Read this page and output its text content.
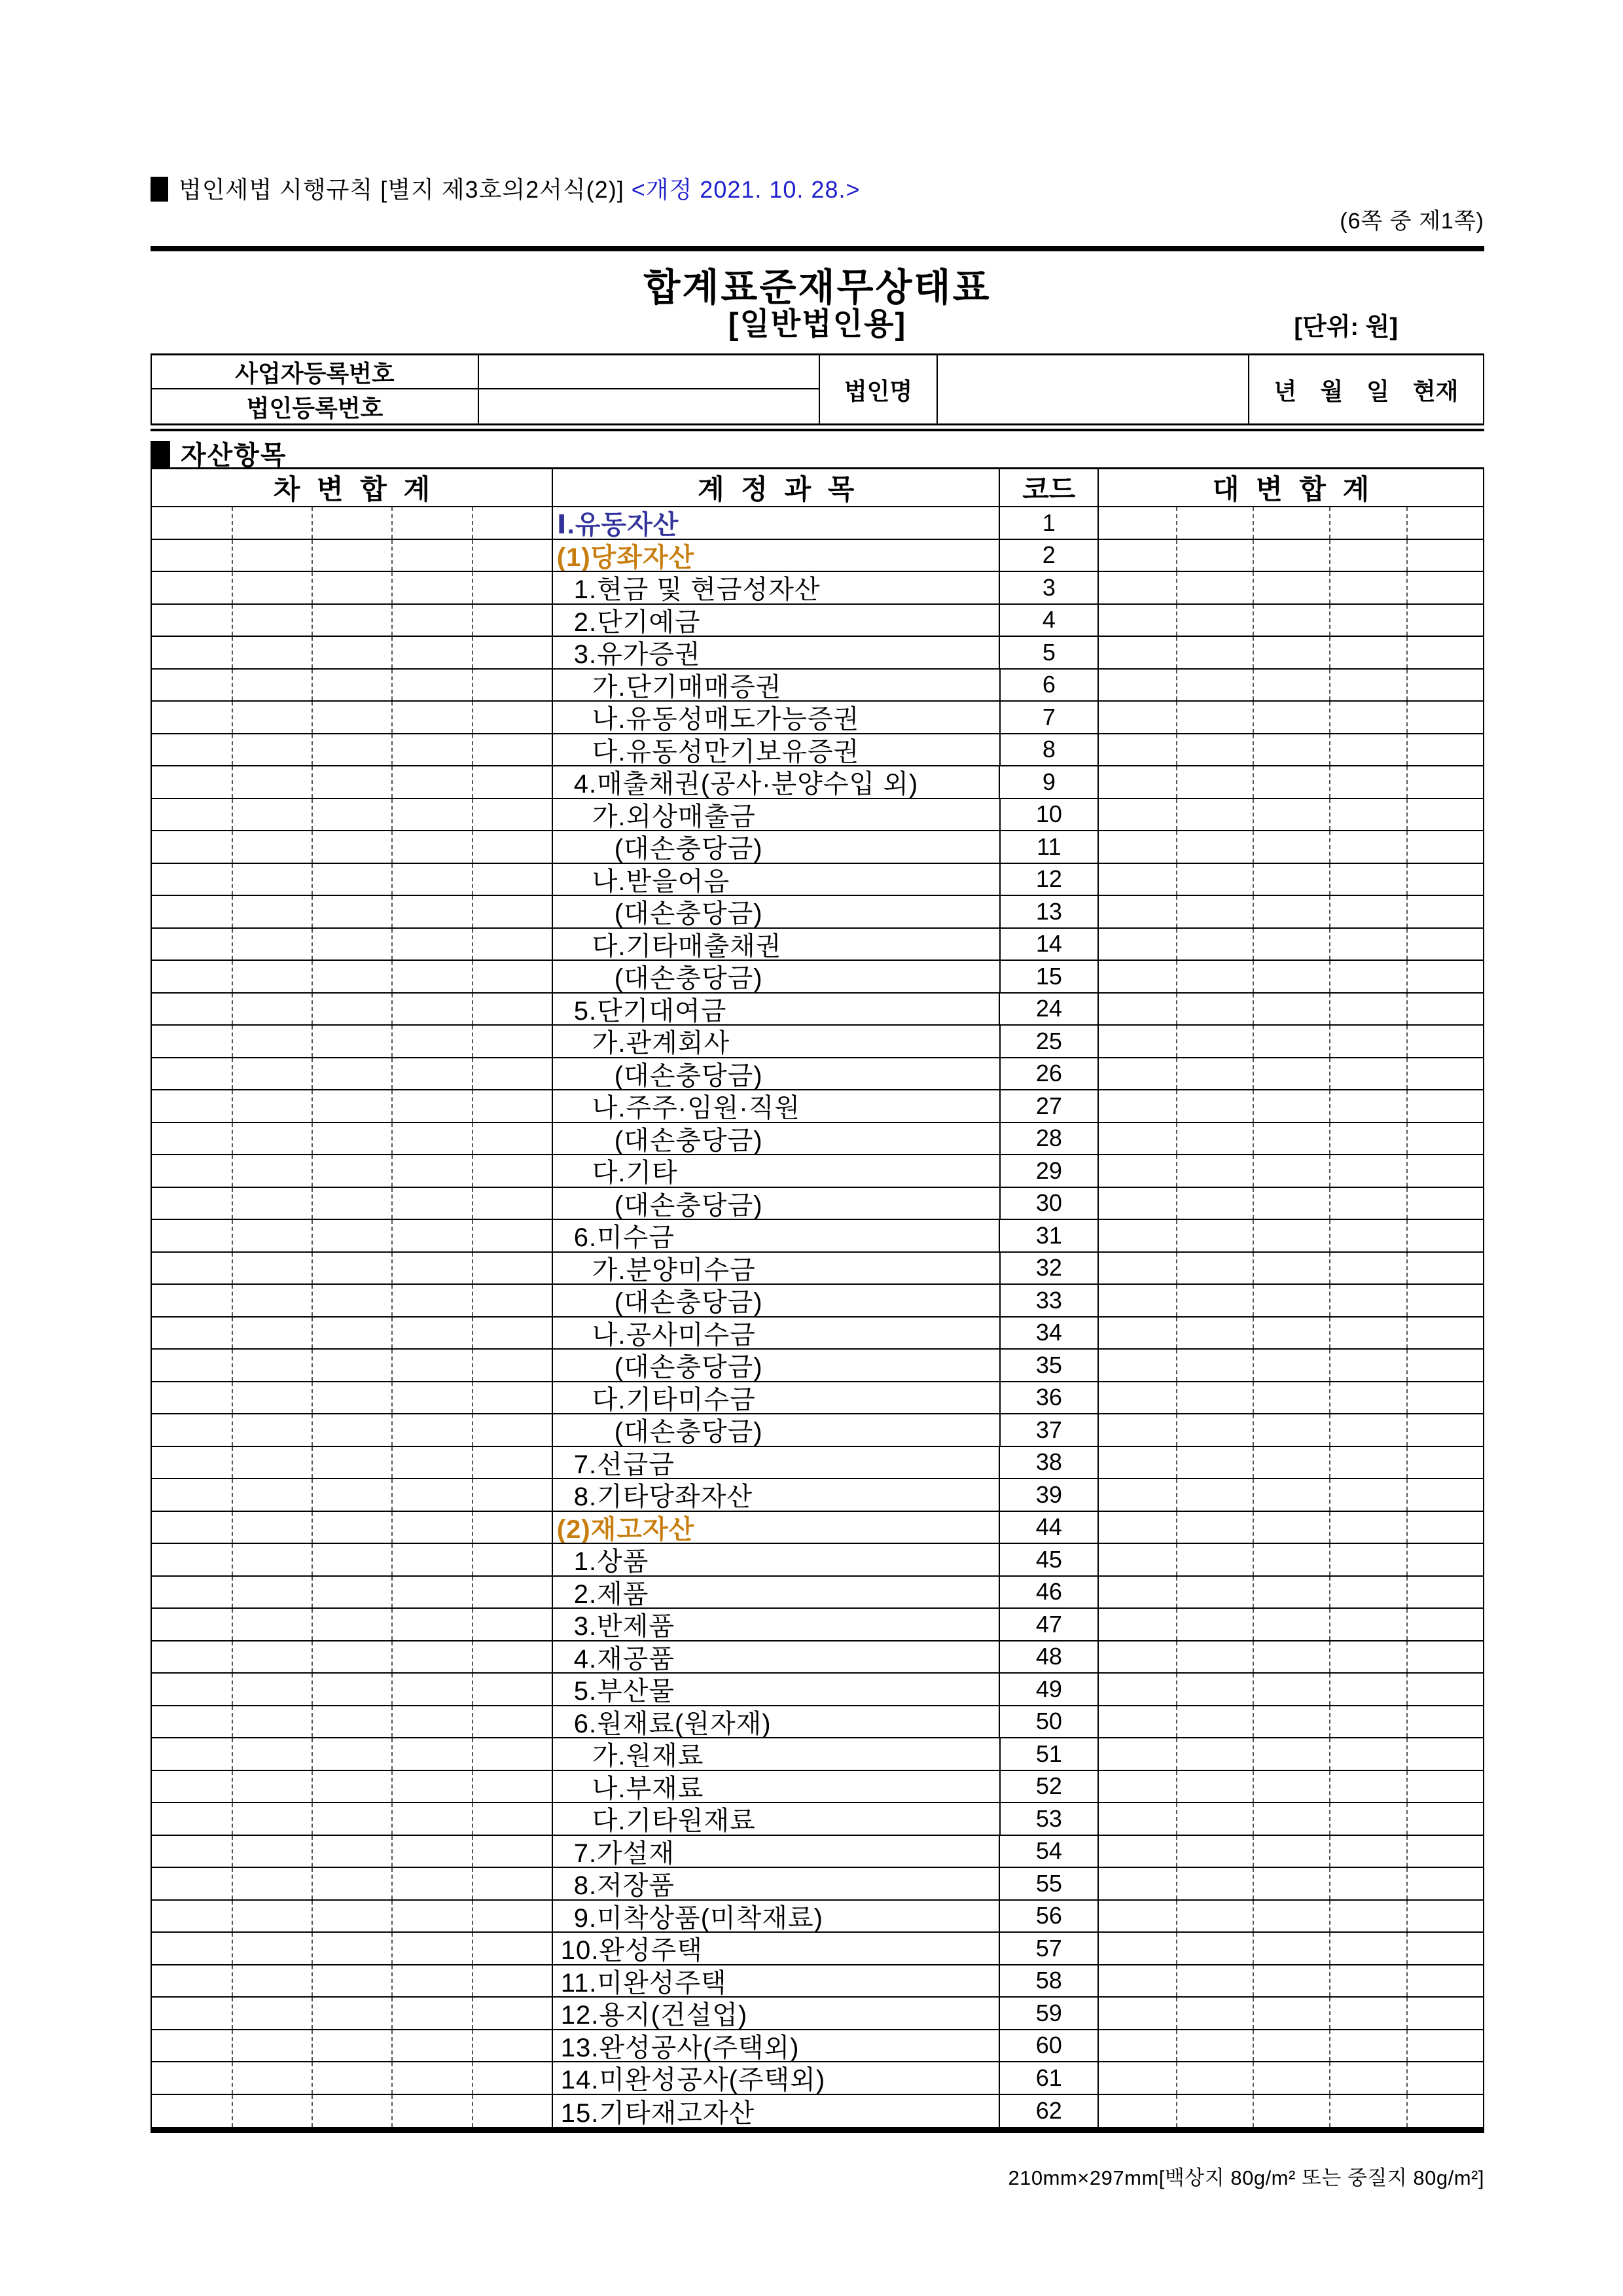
법인세법 시행규칙 [별지 제3호의2서식(2)] <개정 2021. 10. 28.>
(6쪽 중 제1쪽)
합계표준재무상태표
[일반법인용]	[단위: 원]
사업자등록번호
법인등록번호
법인명	년 월 일 현재
자산항목
차 변 합 계	계 정 과 목	코드	대 변 합 계
Ⅰ.유동자산	1
(1)당좌자산	2
1.현금 및 현금성자산	3
2.단기예금	4
3.유가증권	5
가.단기매매증권	6
나.유동성매도가능증권	7
다.유동성만기보유증권	8
4.매출채권(공사·분양수입 외)	9
가.외상매출금	10
(대손충당금)	11
나.받을어음	12
(대손충당금)	13
다.기타매출채권	14
(대손충당금)	15
5.단기대여금	24
가.관계회사	25
(대손충당금)	26
나.주주·임원·직원	27
(대손충당금)	28
다.기타	29
(대손충당금)	30
6.미수금	31
가.분양미수금	32
(대손충당금)	33
나.공사미수금	34
(대손충당금)	35
다.기타미수금	36
(대손충당금)	37
7.선급금	38
8.기타당좌자산	39
(2)재고자산	44
1.상품	45
2.제품	46
3.반제품	47
4.재공품	48
5.부산물	49
6.원재료(원자재)	50
가.원재료	51
나.부재료	52
다.기타원재료	53
7.가설재	54
8.저장품	55
9.미착상품(미착재료)	56
10.완성주택	57
11.미완성주택	58
12.용지(건설업)	59
13.완성공사(주택외)	60
14.미완성공사(주택외)	61
15.기타재고자산	62
210mm×297mm[백상지 80g/m² 또는 중질지 80g/m²]
